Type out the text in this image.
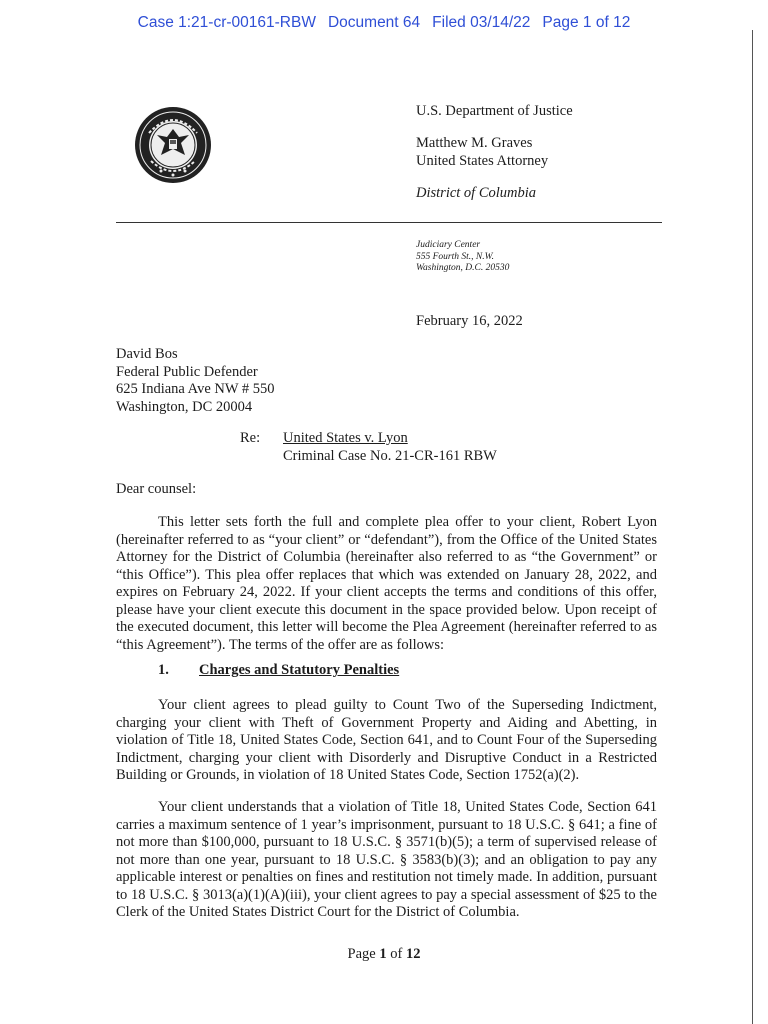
Case 1:21-cr-00161-RBW Document 64 Filed 03/14/22 Page 1 of 12
U.S. Department of Justice
Matthew M. Graves
United States Attorney
District of Columbia
Judiciary Center
555 Fourth St., N.W.
Washington, D.C. 20530
February 16, 2022
David Bos
Federal Public Defender
625 Indiana Ave NW # 550
Washington, DC 20004
Re: United States v. Lyon
Criminal Case No. 21-CR-161 RBW
Dear counsel:
This letter sets forth the full and complete plea offer to your client, Robert Lyon (hereinafter referred to as “your client” or “defendant”), from the Office of the United States Attorney for the District of Columbia (hereinafter also referred to as “the Government” or “this Office”). This plea offer replaces that which was extended on January 28, 2022, and expires on February 24, 2022. If your client accepts the terms and conditions of this offer, please have your client execute this document in the space provided below. Upon receipt of the executed document, this letter will become the Plea Agreement (hereinafter referred to as “this Agreement”). The terms of the offer are as follows:
1. Charges and Statutory Penalties
Your client agrees to plead guilty to Count Two of the Superseding Indictment, charging your client with Theft of Government Property and Aiding and Abetting, in violation of Title 18, United States Code, Section 641, and to Count Four of the Superseding Indictment, charging your client with Disorderly and Disruptive Conduct in a Restricted Building or Grounds, in violation of 18 United States Code, Section 1752(a)(2).
Your client understands that a violation of Title 18, United States Code, Section 641 carries a maximum sentence of 1 year’s imprisonment, pursuant to 18 U.S.C. § 641; a fine of not more than $100,000, pursuant to 18 U.S.C. § 3571(b)(5); a term of supervised release of not more than one year, pursuant to 18 U.S.C. § 3583(b)(3); and an obligation to pay any applicable interest or penalties on fines and restitution not timely made. In addition, pursuant to 18 U.S.C. § 3013(a)(1)(A)(iii), your client agrees to pay a special assessment of $25 to the Clerk of the United States District Court for the District of Columbia.
Page 1 of 12
